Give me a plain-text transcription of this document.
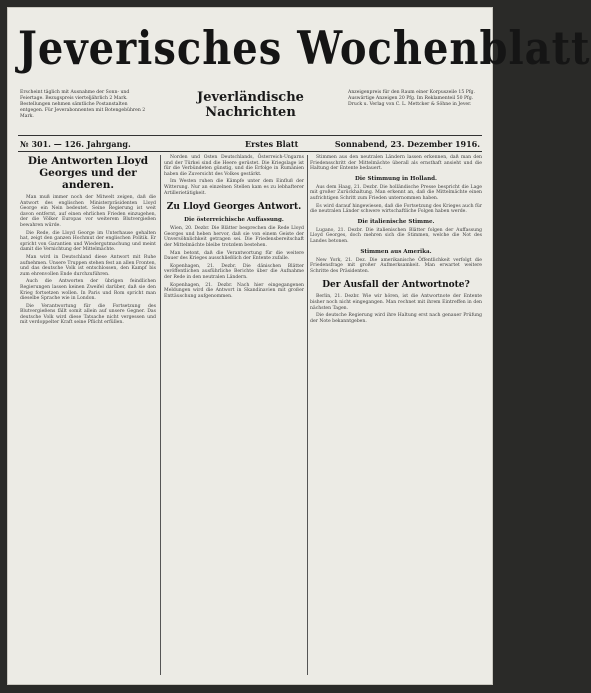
Jeverisches Wochenblatt
Erscheint täglich mit Ausnahme der Sonn- und Feiertage. Bezugspreis vierteljährlich 2 Mark. Bestellungen nehmen sämtliche Postanstalten entgegen. Für Jeverabonnenten mit Botengebühren 2 Mark.
Jeverländische Nachrichten
Anzeigenpreis für den Raum einer Korpuszeile 15 Pfg. Auswärtige Anzeigen 20 Pfg. Im Reklamenteil 50 Pfg. Druck u. Verlag von C. L. Mettcker & Söhne in Jever.
№ 301. — 126. Jahrgang.	Erstes Blatt	Sonnabend, 23. Dezember 1916.
Die Antworten Lloyd Georges und der anderen.

Man muß immer noch der Mitwelt zeigen, daß die Antwort des englischen Ministerpräsidenten Lloyd George ein Nein bedeutet. Seine Regierung ist weit davon entfernt, auf einen ehrlichen Frieden einzugehen, der die Völker Europas vor weiterem Blutvergießen bewahren würde.

Die Rede, die Lloyd George im Unterhause gehalten hat, zeigt den ganzen Hochmut der englischen Politik. Er spricht von Garantien und Wiedergutmachung und meint damit die Vernichtung der Mittelmächte.

Man wird in Deutschland diese Antwort mit Ruhe aufnehmen. Unsere Truppen stehen fest an allen Fronten, und das deutsche Volk ist entschlossen, den Kampf bis zum ehrenvollen Ende durchzuführen.

Auch die Antworten der übrigen feindlichen Regierungen lassen keinen Zweifel darüber, daß sie den Krieg fortsetzen wollen. In Paris und Rom spricht man dieselbe Sprache wie in London.

Die Verantwortung für die Fortsetzung des Blutvergießens fällt somit allein auf unsere Gegner. Das deutsche Volk wird diese Tatsache nicht vergessen und mit verdoppelter Kraft seine Pflicht erfüllen.

Norden und Osten Deutschlands, Österreich-Ungarns und der Türkei sind die Heere gerüstet. Die Kriegslage ist für die Verbündeten günstig, und die Erfolge in Rumänien haben die Zuversicht des Volkes gestärkt.

Im Westen ruhen die Kämpfe unter dem Einfluß der Witterung. Nur an einzelnen Stellen kam es zu lebhafterer Artillerietätigkeit.

Zu Lloyd Georges Antwort.
Die österreichische Auffassung.

Wien, 20. Dezbr. Die Blätter besprechen die Rede Lloyd Georges und heben hervor, daß sie von einem Geiste der Unversöhnlichkeit getragen sei. Die Friedensbereitschaft der Mittelmächte bleibe trotzdem bestehen.

Man betont, daß die Verantwortung für die weitere Dauer des Krieges ausschließlich der Entente zufalle.

Kopenhagen, 21. Dezbr. Die dänischen Blätter veröffentlichen ausführliche Berichte über die Aufnahme der Rede in den neutralen Ländern.

Kopenhagen, 21. Dezbr. Nach hier eingegangenen Meldungen wird die Antwort in Skandinavien mit großer Enttäuschung aufgenommen.

Stimmen aus den neutralen Ländern lassen erkennen, daß man den Friedensschritt der Mittelmächte überall als ernsthaft ansieht und die Haltung der Entente bedauert.

Die Stimmung in Holland.

Aus dem Haag, 21. Dezbr. Die holländische Presse bespricht die Lage mit großer Zurückhaltung. Man erkennt an, daß die Mittelmächte einen aufrichtigen Schritt zum Frieden unternommen haben.

Es wird darauf hingewiesen, daß die Fortsetzung des Krieges auch für die neutralen Länder schwere wirtschaftliche Folgen haben werde.

Die italienische Stimme.

Lugano, 21. Dezbr. Die italienischen Blätter folgen der Auffassung Lloyd Georges, doch mehren sich die Stimmen, welche die Not des Landes betonen.

Stimmen aus Amerika.

New York, 21. Dez. Die amerikanische Öffentlichkeit verfolgt die Friedensfrage mit großer Aufmerksamkeit. Man erwartet weitere Schritte des Präsidenten.

Der Ausfall der Antwortnote?

Berlin, 21. Dezbr. Wie wir hören, ist die Antwortnote der Entente bisher noch nicht eingegangen. Man rechnet mit ihrem Eintreffen in den nächsten Tagen.

Die deutsche Regierung wird ihre Haltung erst nach genauer Prüfung der Note bekanntgeben.
